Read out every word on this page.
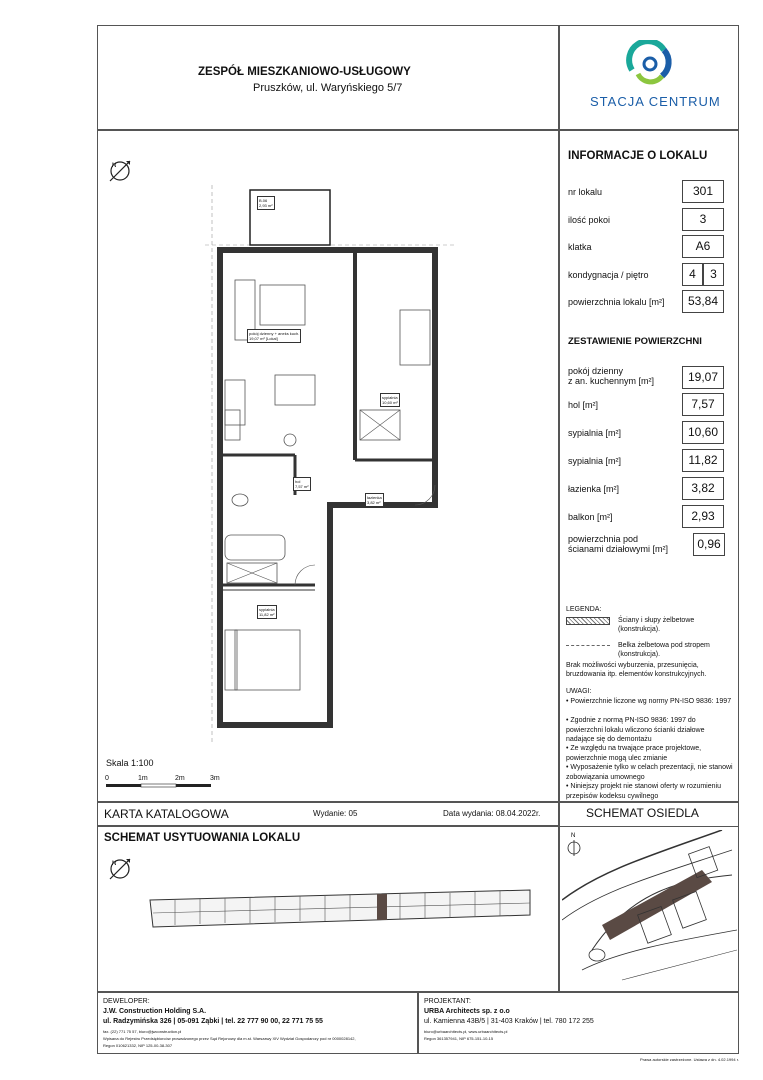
ZESPÓŁ MIESZKANIOWO-USŁUGOWY
Pruszków, ul. Waryńskiego 5/7
STACJA CENTRUM
N
B.06
2,93 m²
pokój dzienny + aneks kuch.
19,07 m² [Lokal]
sypialnia
10,60 m²
hol
7,57 m²
łazienka
3,82 m²
sypialnia
11,82 m²
Skala 1:100
0	1m	2m	3m
INFORMACJE O LOKALU
nr lokalu	301
ilość pokoi	3
klatka	A6
kondygnacja / piętro	4	3
powierzchnia lokalu [m²]	53,84
ZESTAWIENIE POWIERZCHNI
pokój dzienny
z an. kuchennym [m²]	19,07
hol [m²]	7,57
sypialnia [m²]	10,60
sypialnia [m²]	11,82
łazienka [m²]	3,82
balkon [m²]	2,93
powierzchnia pod
ścianami działowymi [m²]	0,96
LEGENDA:
Ściany i słupy żelbetowe (konstrukcja).
Belka żelbetowa pod stropem (konstrukcja).
Brak możliwości wyburzenia, przesunięcia, bruzdowania itp. elementów konstrukcyjnych.
UWAGI:
• Powierzchnie liczone wg normy PN-ISO 9836: 1997
• Zgodnie z normą PN-ISO 9836: 1997 do powierzchni lokalu wliczono ścianki działowe nadające się do demontażu
• Ze względu na trwające prace projektowe, powierzchnie mogą ulec zmianie
• Wyposażenie tylko w celach prezentacji, nie stanowi zobowiązania umownego
• Niniejszy projekt nie stanowi oferty w rozumieniu przepisów kodeksu cywilnego
KARTA KATALOGOWA	Wydanie: 05	Data wydania: 08.04.2022r.	SCHEMAT OSIEDLA
N
SCHEMAT USYTUOWANIA LOKALU
N
DEWELOPER:
J.W. Construction Holding S.A.
ul. Radzymińska 326 | 05-091 Ząbki | tel. 22 777 90 00, 22 771 75 55
fax. (22) 771 75 57, biuro@jwconstruction.pl
Wpisana do Rejestru Przedsiębiorców prowadzonego przez Sąd Rejonowy dla m.st. Warszawy XIV Wydział Gospodarczy pod nr 0000028142,
Regon 010621332, NIP 125-00-38-307
PROJEKTANT:
URBA Architects sp. z o.o
ul. Kamienna 43B/5 | 31-403 Kraków | tel. 780 172 255
biuro@urbaarchitects.pl, www.urbaarchitects.pl
Regon 361357941, NIP 675-151-10-15
Prawa autorskie zastrzeżone. Ustawa z dn. 4.02.1994 r.
